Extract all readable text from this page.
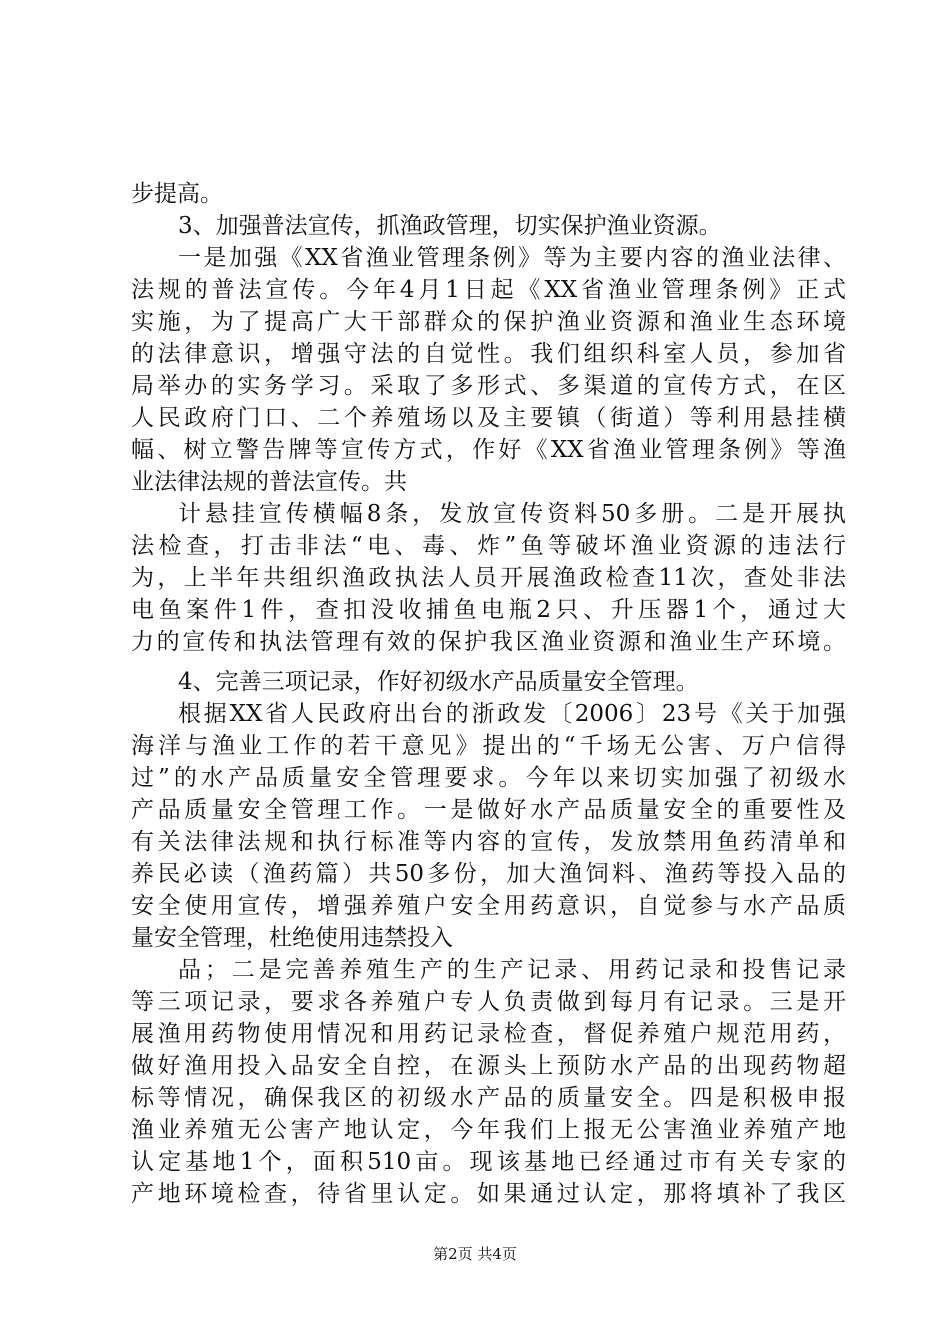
步提高。
3、加强普法宣传，抓渔政管理，切实保护渔业资源。
一是加强《XX省渔业管理条例》等为主要内容的渔业法律、
法规的普法宣传。今年4月1日起《XX省渔业管理条例》正式
实施，为了提高广大干部群众的保护渔业资源和渔业生态环境
的法律意识，增强守法的自觉性。我们组织科室人员，参加省
局举办的实务学习。采取了多形式、多渠道的宣传方式，在区
人民政府门口、二个养殖场以及主要镇（街道）等利用悬挂横
幅、树立警告牌等宣传方式，作好《XX省渔业管理条例》等渔
业法律法规的普法宣传。共
计悬挂宣传横幅8条，发放宣传资料50多册。二是开展执
法检查，打击非法“电、毒、炸”鱼等破坏渔业资源的违法行
为，上半年共组织渔政执法人员开展渔政检查11次，查处非法
电鱼案件1件，查扣没收捕鱼电瓶2只、升压器1个，通过大
力的宣传和执法管理有效的保护我区渔业资源和渔业生产环境。
4、完善三项记录，作好初级水产品质量安全管理。
根据XX省人民政府出台的浙政发〔2006〕23号《关于加强
海洋与渔业工作的若干意见》提出的“千场无公害、万户信得
过”的水产品质量安全管理要求。今年以来切实加强了初级水
产品质量安全管理工作。一是做好水产品质量安全的重要性及
有关法律法规和执行标准等内容的宣传，发放禁用鱼药清单和
养民必读（渔药篇）共50多份，加大渔饲料、渔药等投入品的
安全使用宣传，增强养殖户安全用药意识，自觉参与水产品质
量安全管理，杜绝使用违禁投入
品；二是完善养殖生产的生产记录、用药记录和投售记录
等三项记录，要求各养殖户专人负责做到每月有记录。三是开
展渔用药物使用情况和用药记录检查，督促养殖户规范用药，
做好渔用投入品安全自控，在源头上预防水产品的出现药物超
标等情况，确保我区的初级水产品的质量安全。四是积极申报
渔业养殖无公害产地认定，今年我们上报无公害渔业养殖产地
认定基地1个，面积510亩。现该基地已经通过市有关专家的
产地环境检查，待省里认定。如果通过认定，那将填补了我区
第2页 共4页
